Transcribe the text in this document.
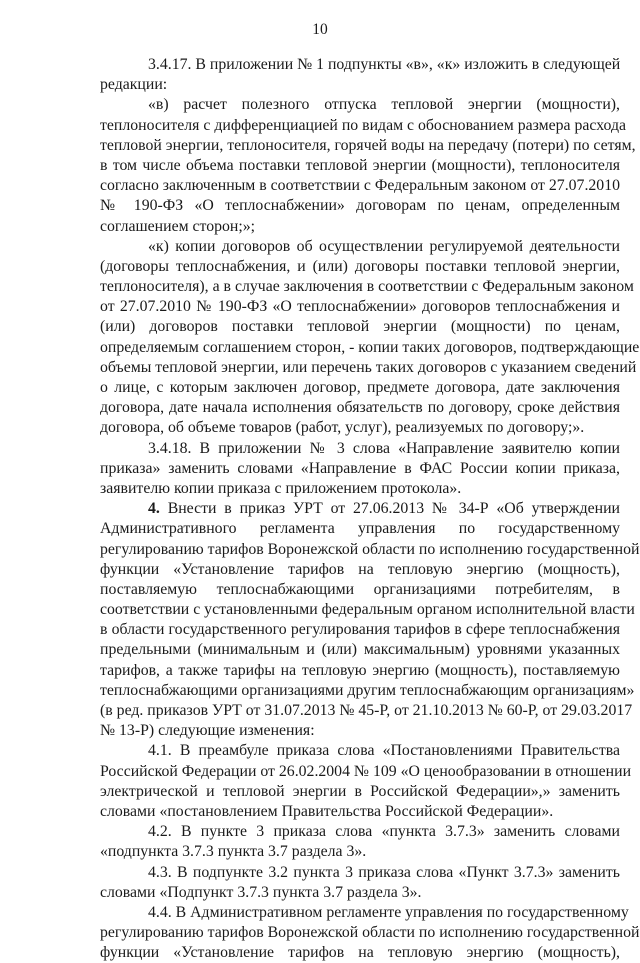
10
3.4.17. В приложении № 1 подпункты «в», «к» изложить в следующей
редакции:
«в) расчет полезного отпуска тепловой энергии (мощности),
теплоносителя с дифференциацией по видам с обоснованием размера расхода
тепловой энергии, теплоносителя, горячей воды на передачу (потери) по сетям,
в том числе объема поставки тепловой энергии (мощности), теплоносителя
согласно заключенным в соответствии с Федеральным законом от 27.07.2010
№ 190-ФЗ «О теплоснабжении» договорам по ценам, определенным
соглашением сторон;»;
«к) копии договоров об осуществлении регулируемой деятельности
(договоры теплоснабжения, и (или) договоры поставки тепловой энергии,
теплоносителя), а в случае заключения в соответствии с Федеральным законом
от 27.07.2010 № 190-ФЗ «О теплоснабжении» договоров теплоснабжения и
(или) договоров поставки тепловой энергии (мощности) по ценам,
определяемым соглашением сторон, - копии таких договоров, подтверждающие
объемы тепловой энергии, или перечень таких договоров с указанием сведений
о лице, с которым заключен договор, предмете договора, дате заключения
договора, дате начала исполнения обязательств по договору, сроке действия
договора, об объеме товаров (работ, услуг), реализуемых по договору;».
3.4.18. В приложении № 3 слова «Направление заявителю копии
приказа» заменить словами «Направление в ФАС России копии приказа,
заявителю копии приказа с приложением протокола».
4. Внести в приказ УРТ от 27.06.2013 № 34-Р «Об утверждении
Административного регламента управления по государственному
регулированию тарифов Воронежской области по исполнению государственной
функции «Установление тарифов на тепловую энергию (мощность),
поставляемую теплоснабжающими организациями потребителям, в
соответствии с установленными федеральным органом исполнительной власти
в области государственного регулирования тарифов в сфере теплоснабжения
предельными (минимальным и (или) максимальным) уровнями указанных
тарифов, а также тарифы на тепловую энергию (мощность), поставляемую
теплоснабжающими организациями другим теплоснабжающим организациям»
(в ред. приказов УРТ от 31.07.2013 № 45-Р, от 21.10.2013 № 60-Р, от 29.03.2017
№ 13-Р) следующие изменения:
4.1. В преамбуле приказа слова «Постановлениями Правительства
Российской Федерации от 26.02.2004 № 109 «О ценообразовании в отношении
электрической и тепловой энергии в Российской Федерации»,» заменить
словами «постановлением Правительства Российской Федерации».
4.2. В пункте 3 приказа слова «пункта 3.7.3» заменить словами
«подпункта 3.7.3 пункта 3.7 раздела 3».
4.3. В подпункте 3.2 пункта 3 приказа слова «Пункт 3.7.3» заменить
словами «Подпункт 3.7.3 пункта 3.7 раздела 3».
4.4. В Административном регламенте управления по государственному
регулированию тарифов Воронежской области по исполнению государственной
функции «Установление тарифов на тепловую энергию (мощность),
